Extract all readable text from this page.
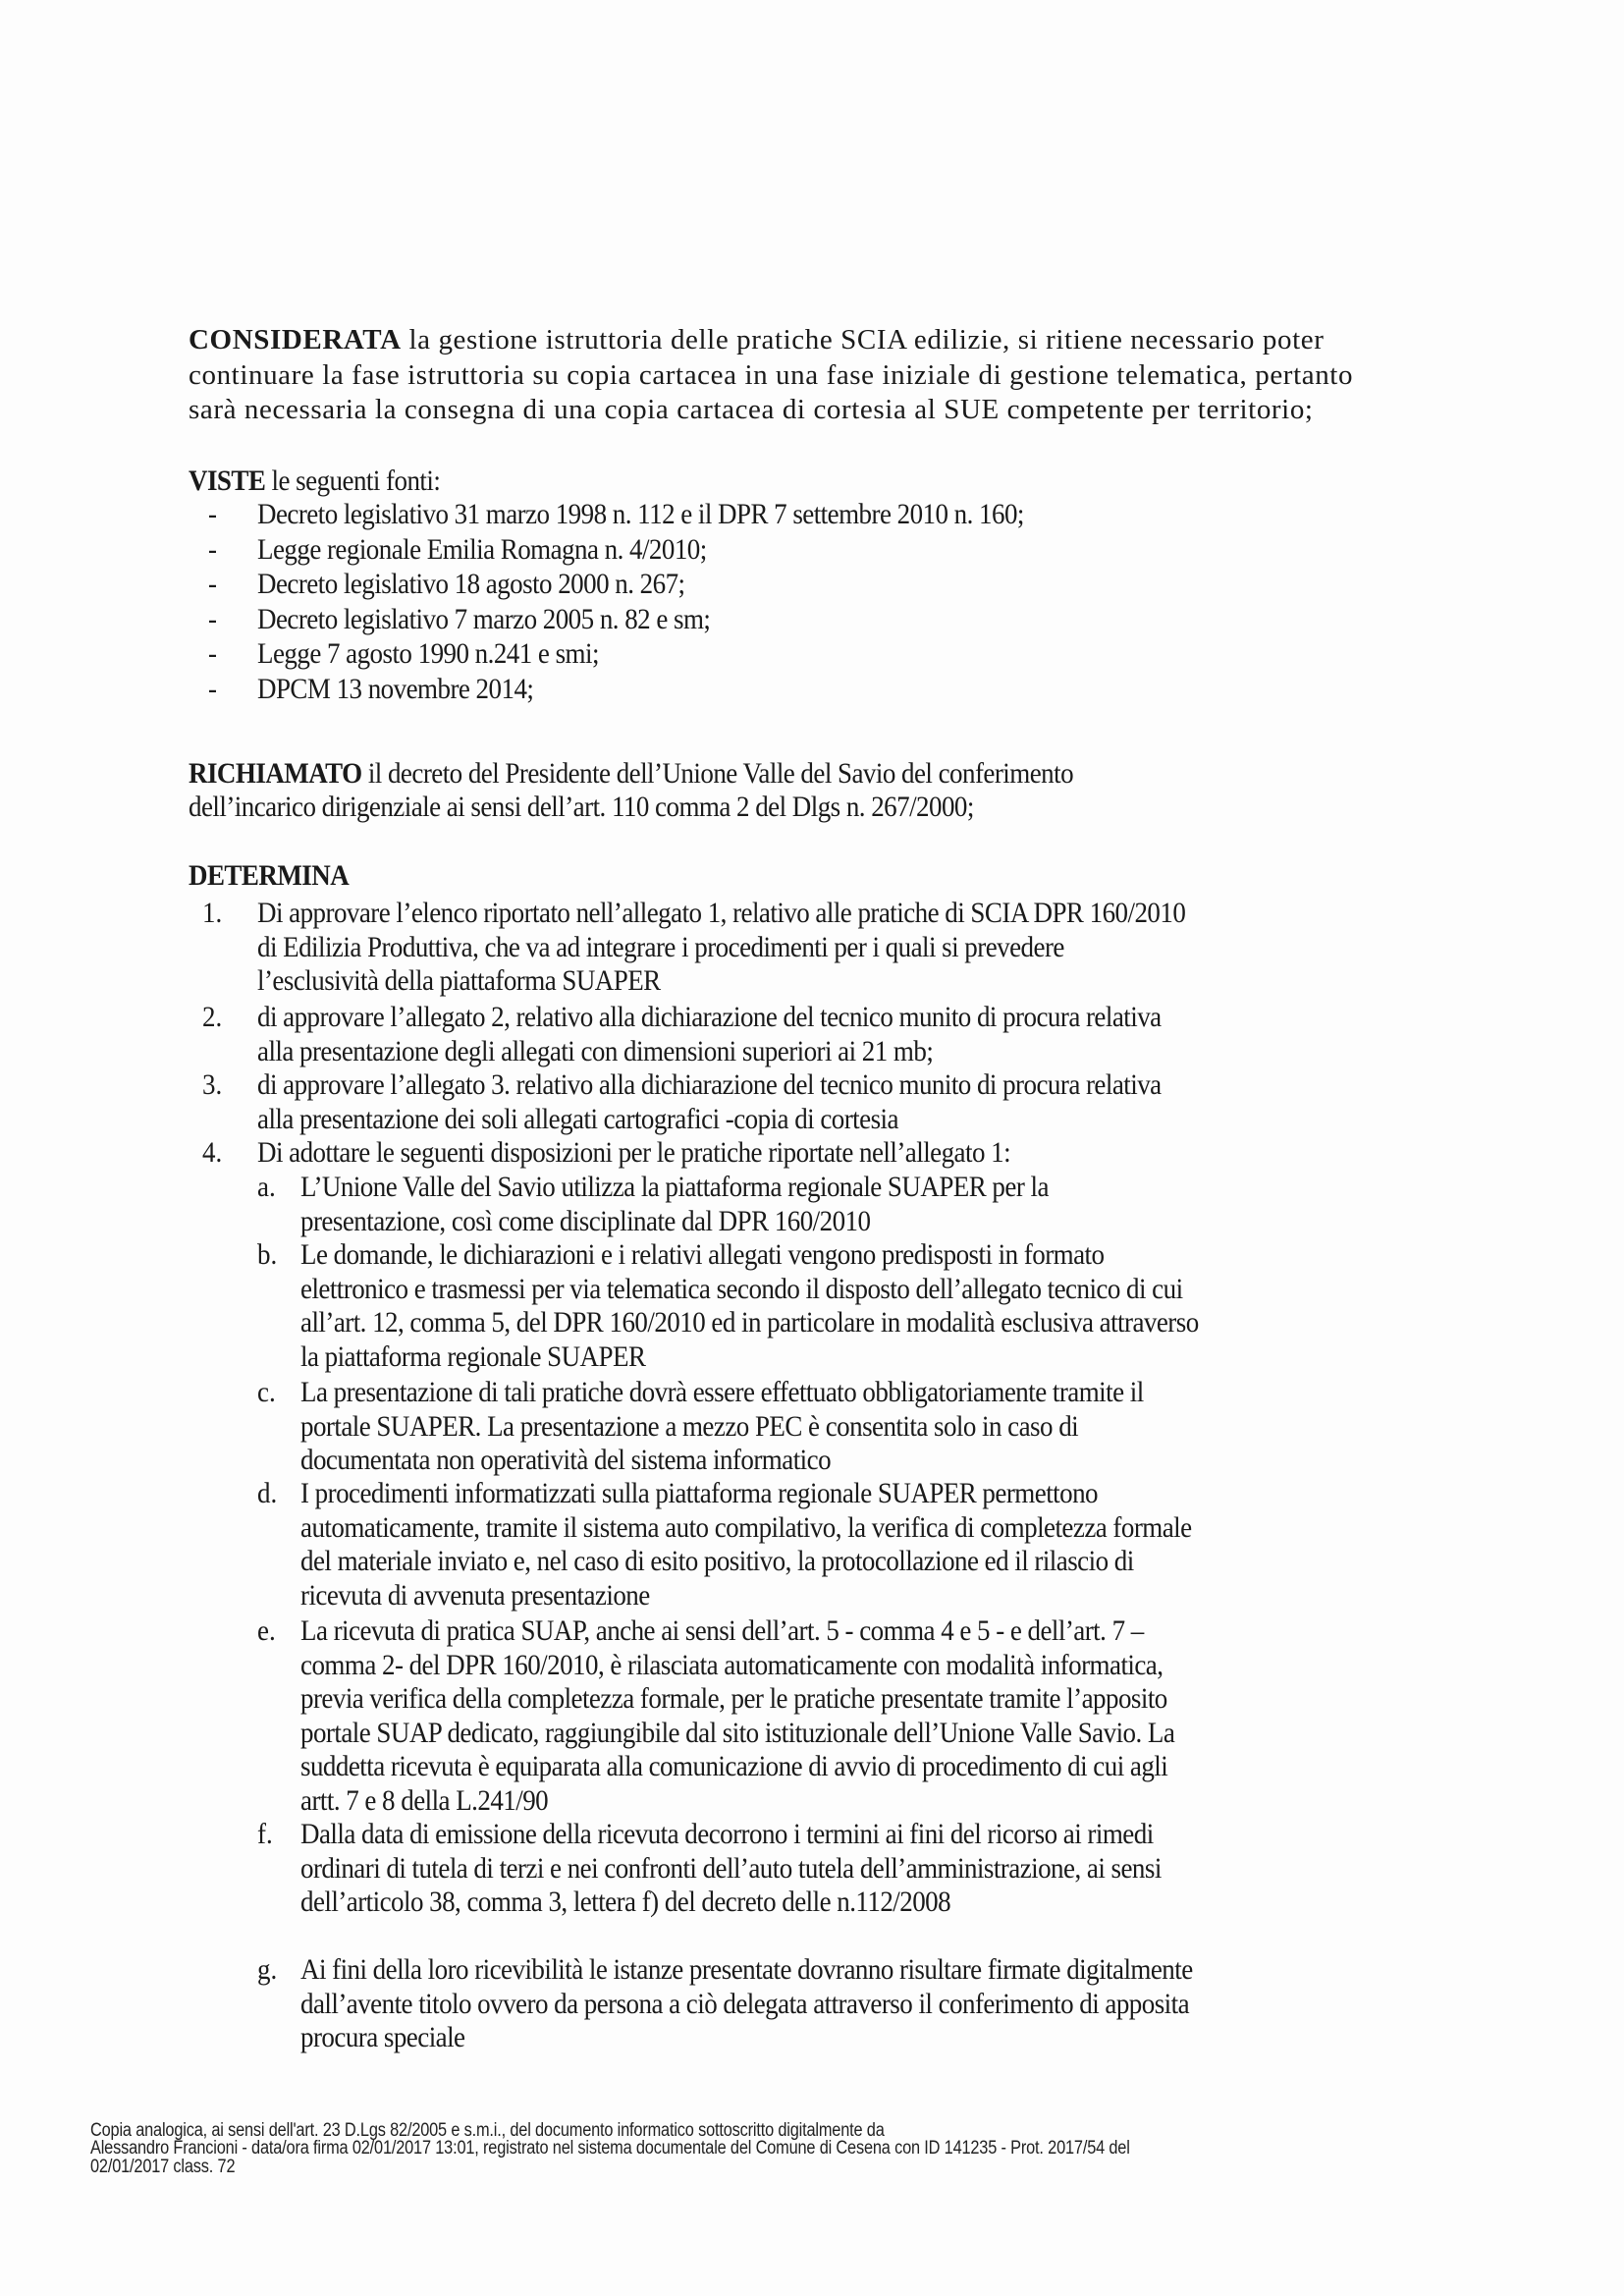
CONSIDERATA la gestione istruttoria delle pratiche SCIA edilizie, si ritiene necessario poter
continuare la fase istruttoria su copia cartacea in una fase iniziale di gestione telematica, pertanto
sarà necessaria la consegna di una copia cartacea di cortesia al SUE competente per territorio;
VISTE le seguenti fonti:
- Decreto legislativo 31 marzo 1998 n. 112 e il DPR 7 settembre 2010 n. 160;
- Legge regionale Emilia Romagna n. 4/2010;
- Decreto legislativo 18 agosto 2000 n. 267;
- Decreto legislativo 7 marzo 2005 n. 82 e sm;
- Legge 7 agosto 1990 n.241 e smi;
- DPCM 13 novembre 2014;
RICHIAMATO il decreto del Presidente dell’Unione Valle del Savio del conferimento
dell’incarico dirigenziale ai sensi dell’art. 110 comma 2 del Dlgs n. 267/2000;
DETERMINA
1. Di approvare l’elenco riportato nell’allegato 1, relativo alle pratiche di SCIA DPR 160/2010
di Edilizia Produttiva, che va ad integrare i procedimenti per i quali si prevedere
l’esclusività della piattaforma SUAPER
2. di approvare l’allegato 2, relativo alla dichiarazione del tecnico munito di procura relativa
alla presentazione degli allegati con dimensioni superiori ai 21 mb;
3. di approvare l’allegato 3. relativo alla dichiarazione del tecnico munito di procura relativa
alla presentazione dei soli allegati cartografici -copia di cortesia
4. Di adottare le seguenti disposizioni per le pratiche riportate nell’allegato 1:
a. L’Unione Valle del Savio utilizza la piattaforma regionale SUAPER per la
presentazione, così come disciplinate dal DPR 160/2010
b. Le domande, le dichiarazioni e i relativi allegati vengono predisposti in formato
elettronico e trasmessi per via telematica secondo il disposto dell’allegato tecnico di cui
all’art. 12, comma 5, del DPR 160/2010 ed in particolare in modalità esclusiva attraverso
la piattaforma regionale SUAPER
c. La presentazione di tali pratiche dovrà essere effettuato obbligatoriamente tramite il
portale SUAPER. La presentazione a mezzo PEC è consentita solo in caso di
documentata non operatività del sistema informatico
d. I procedimenti informatizzati sulla piattaforma regionale SUAPER permettono
automaticamente, tramite il sistema auto compilativo, la verifica di completezza formale
del materiale inviato e, nel caso di esito positivo, la protocollazione ed il rilascio di
ricevuta di avvenuta presentazione
e. La ricevuta di pratica SUAP, anche ai sensi dell’art. 5 - comma 4 e 5 - e dell’art. 7 –
comma 2- del DPR 160/2010, è rilasciata automaticamente con modalità informatica,
previa verifica della completezza formale, per le pratiche presentate tramite l’apposito
portale SUAP dedicato, raggiungibile dal sito istituzionale dell’Unione Valle Savio. La
suddetta ricevuta è equiparata alla comunicazione di avvio di procedimento di cui agli
artt. 7 e 8 della L.241/90
f. Dalla data di emissione della ricevuta decorrono i termini ai fini del ricorso ai rimedi
ordinari di tutela di terzi e nei confronti dell’auto tutela dell’amministrazione, ai sensi
dell’articolo 38, comma 3, lettera f) del decreto delle n.112/2008
g. Ai fini della loro ricevibilità le istanze presentate dovranno risultare firmate digitalmente
dall’avente titolo ovvero da persona a ciò delegata attraverso il conferimento di apposita
procura speciale
Copia analogica, ai sensi dell'art. 23 D.Lgs 82/2005 e s.m.i., del documento informatico sottoscritto digitalmente da
Alessandro Francioni - data/ora firma 02/01/2017 13:01, registrato nel sistema documentale del Comune di Cesena con ID 141235 - Prot. 2017/54 del
02/01/2017 class. 72
